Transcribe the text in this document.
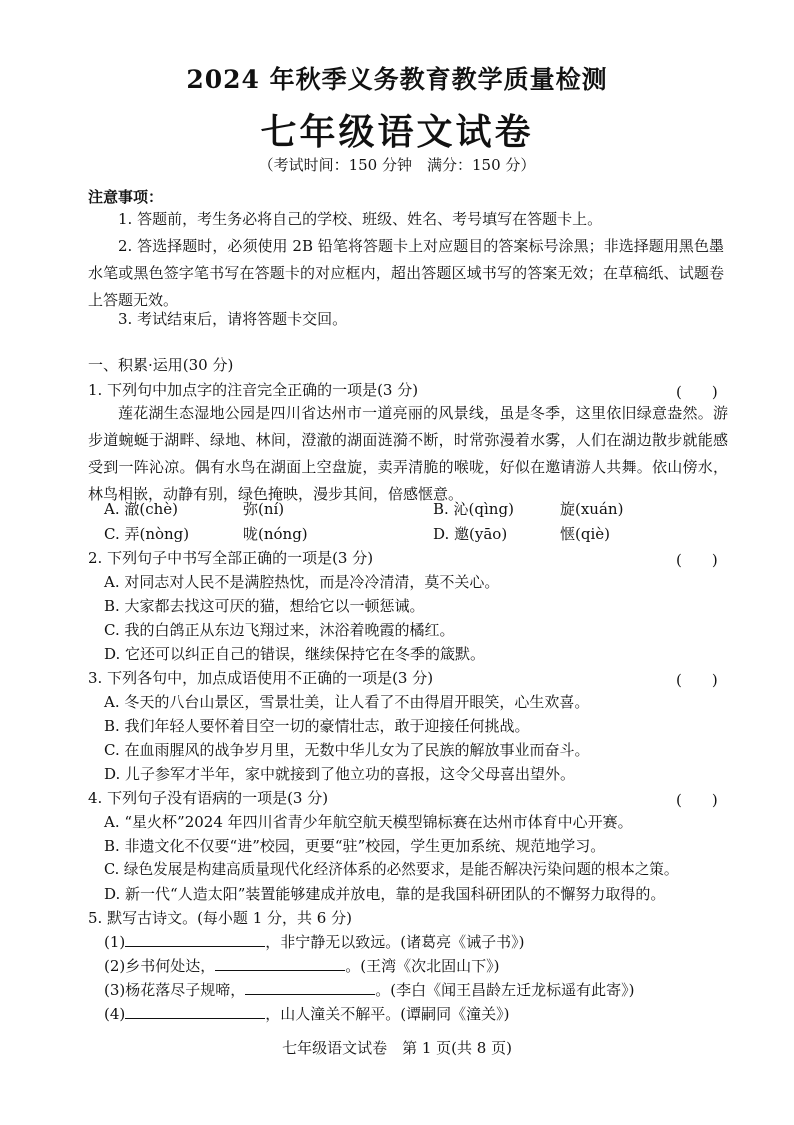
2024 年秋季义务教育教学质量检测
七年级语文试卷
（考试时间：150 分钟　满分：150 分）
注意事项：
1. 答题前，考生务必将自己的学校、班级、姓名、考号填写在答题卡上。
2. 答选择题时，必须使用 2B 铅笔将答题卡上对应题目的答案标号涂黑；非选择题用黑色墨水笔或黑色签字笔书写在答题卡的对应框内，超出答题区域书写的答案无效；在草稿纸、试题卷上答题无效。
3. 考试结束后，请将答题卡交回。
一、积累·运用(30 分)
1. 下列句中加点字的注音完全正确的一项是(3 分)	(　　)
莲花湖生态湿地公园是四川省达州市一道亮丽的风景线，虽是冬季，这里依旧绿意盎然。游步道蜿蜒于湖畔、绿地、林间，澄澈的湖面涟漪不断，时常弥漫着水雾，人们在湖边散步就能感受到一阵沁凉。偶有水鸟在湖面上空盘旋，卖弄清脆的喉咙，好似在邀请游人共舞。依山傍水，林鸟相嵌，动静有别，绿色掩映，漫步其间，倍感惬意。
A. 澈(chè)	弥(ní)	B. 沁(qìng)	旋(xuán)
C. 弄(nòng)	咙(nóng)	D. 邀(yāo)	惬(qiè)
2. 下列句子中书写全部正确的一项是(3 分)	(　　)
A. 对同志对人民不是满腔热忱，而是冷冷清清，莫不关心。
B. 大家都去找这可厌的猫，想给它以一顿惩诫。
C. 我的白鸽正从东边飞翔过来，沐浴着晚霞的橘红。
D. 它还可以纠正自己的错误，继续保持它在冬季的箴默。
3. 下列各句中，加点成语使用不正确的一项是(3 分)	(　　)
A. 冬天的八台山景区，雪景壮美，让人看了不由得眉开眼笑，心生欢喜。
B. 我们年轻人要怀着目空一切的豪情壮志，敢于迎接任何挑战。
C. 在血雨腥风的战争岁月里，无数中华儿女为了民族的解放事业而奋斗。
D. 儿子参军才半年，家中就接到了他立功的喜报，这令父母喜出望外。
4. 下列句子没有语病的一项是(3 分)	(　　)
A. “星火杯”2024 年四川省青少年航空航天模型锦标赛在达州市体育中心开赛。
B. 非遗文化不仅要“进”校园，更要“驻”校园，学生更加系统、规范地学习。
C. 绿色发展是构建高质量现代化经济体系的必然要求，是能否解决污染问题的根本之策。
D. 新一代“人造太阳”装置能够建成并放电，靠的是我国科研团队的不懈努力取得的。
5. 默写古诗文。(每小题 1 分，共 6 分)
(1)	，非宁静无以致远。(诸葛亮《诫子书》)
(2)乡书何处达，	。(王湾《次北固山下》)
(3)杨花落尽子规啼，	。(李白《闻王昌龄左迁龙标遥有此寄》)
(4)	，山人潼关不解平。(谭嗣同《潼关》)
七年级语文试卷　第 1 页(共 8 页)
